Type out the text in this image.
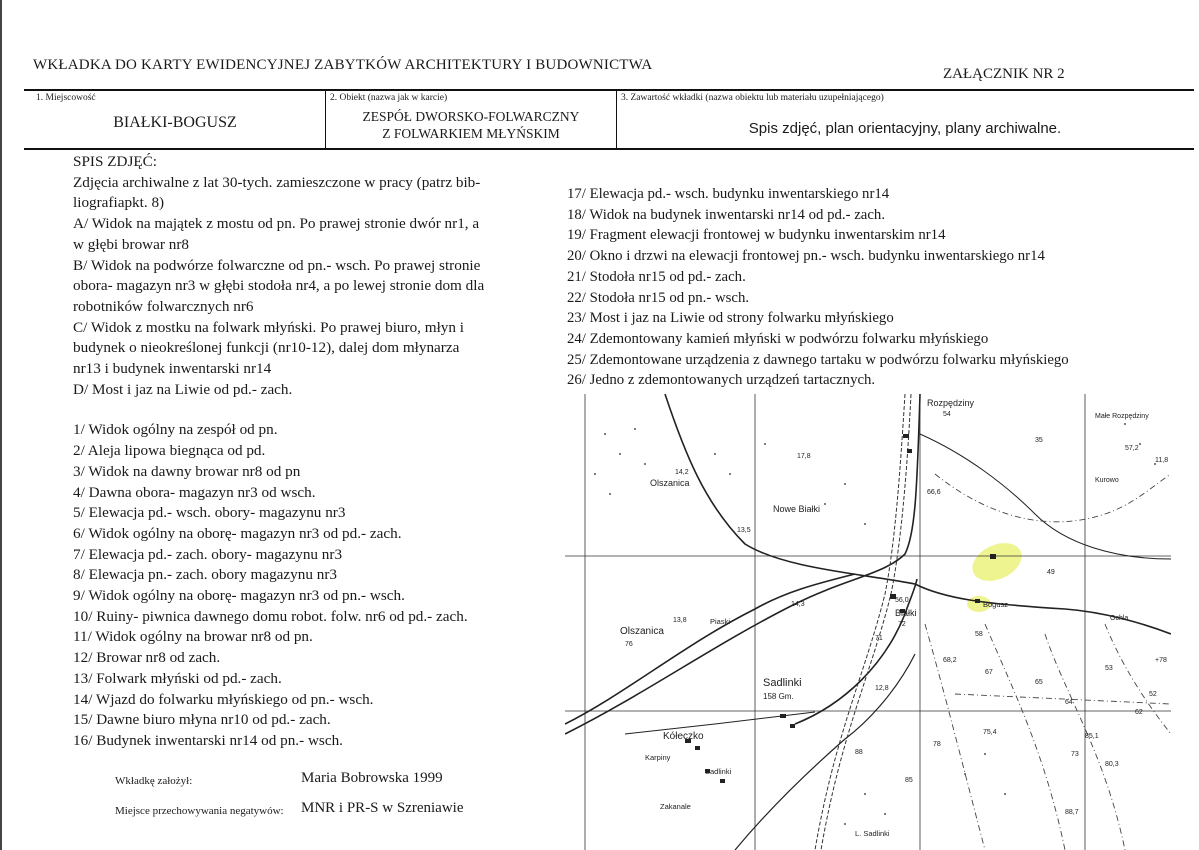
WKŁADKA DO KARTY EWIDENCYJNEJ ZABYTKÓW ARCHITEKTURY I BUDOWNICTWA
ZAŁĄCZNIK NR 2
1. Miejscowość
BIAŁKI-BOGUSZ
2. Obiekt (nazwa jak w karcie)
ZESPÓŁ DWORSKO-FOLWARCZNY
Z FOLWARKIEM MŁYŃSKIM
3. Zawartość wkładki (nazwa obiektu lub materiału uzupełniającego)
Spis zdjęć, plan orientacyjny, plany archiwalne.
SPIS ZDJĘĆ:
Zdjęcia archiwalne z lat 30-tych. zamieszczone w pracy (patrz bib-
liografiapkt. 8)
A/ Widok na majątek z mostu od pn. Po prawej stronie dwór nr1, a
w głębi browar nr8
B/ Widok na podwórze folwarczne od pn.- wsch. Po prawej stronie
obora- magazyn nr3 w głębi stodoła nr4, a po lewej stronie dom dla
robotników folwarcznych nr6
C/ Widok z mostku na folwark młyński. Po prawej biuro, młyn i
budynek o nieokreślonej funkcji (nr10-12), dalej dom młynarza
nr13 i budynek inwentarski nr14
D/ Most i jaz na Liwie od pd.- zach.
1/ Widok ogólny na zespół od pn.
2/ Aleja lipowa biegnąca od pd.
3/ Widok na dawny browar nr8 od pn
4/ Dawna obora- magazyn nr3 od wsch.
5/ Elewacja pd.- wsch. obory- magazynu nr3
6/ Widok ogólny na oborę- magazyn nr3 od pd.- zach.
7/ Elewacja pd.- zach. obory- magazynu nr3
8/ Elewacja pn.- zach. obory magazynu nr3
9/ Widok ogólny na oborę- magazyn nr3 od pn.- wsch.
10/ Ruiny- piwnica dawnego domu robot. folw. nr6 od pd.- zach.
11/ Widok ogólny na browar nr8 od pn.
12/ Browar nr8 od zach.
13/ Folwark młyński od pd.- zach.
14/ Wjazd do folwarku młyńskiego od pn.- wsch.
15/ Dawne biuro młyna nr10 od pd.- zach.
16/ Budynek inwentarski nr14 od pn.- wsch.
17/ Elewacja pd.- wsch. budynku inwentarskiego nr14
18/ Widok na budynek inwentarski nr14 od pd.- zach.
19/ Fragment elewacji frontowej w budynku inwentarskim nr14
20/ Okno i drzwi na elewacji frontowej pn.- wsch. budynku inwentarskiego nr14
21/ Stodoła nr15 od pd.- zach.
22/ Stodoła nr15 od pn.- wsch.
23/ Most i jaz na Liwie od strony folwarku młyńskiego
24/ Zdemontowany kamień młyński w podwórzu folwarku młyńskiego
25/ Zdemontowane urządzenia z dawnego tartaku w podwórzu folwarku młyńskiego
26/ Jedno z zdemontowanych urządzeń tartacznych.
Wkładkę założył:	Maria Bobrowska 1999
Miejsce przechowywania negatywów: MNR i PR-S w Szreniawie
Rozpędziny
Małe Rozpędziny
Olszanica
Nowe Białki
Białki
Bogusz
Piaski
Olszanica
Sadlinki
158 Gm.
Kółeczko
Karpiny
Sadlinki
Zakanale
L. Sadlinki
Ochla
Kurowo
54
35
17,8
14,2
66,6
13,5
57,2
11,8
49
56,0
72
71
68,2
67
58
14,3
13,8
76
12,8
75,4
78
85,1
88
85
80,3
88,7
52
62
53
65
64
+78
73
